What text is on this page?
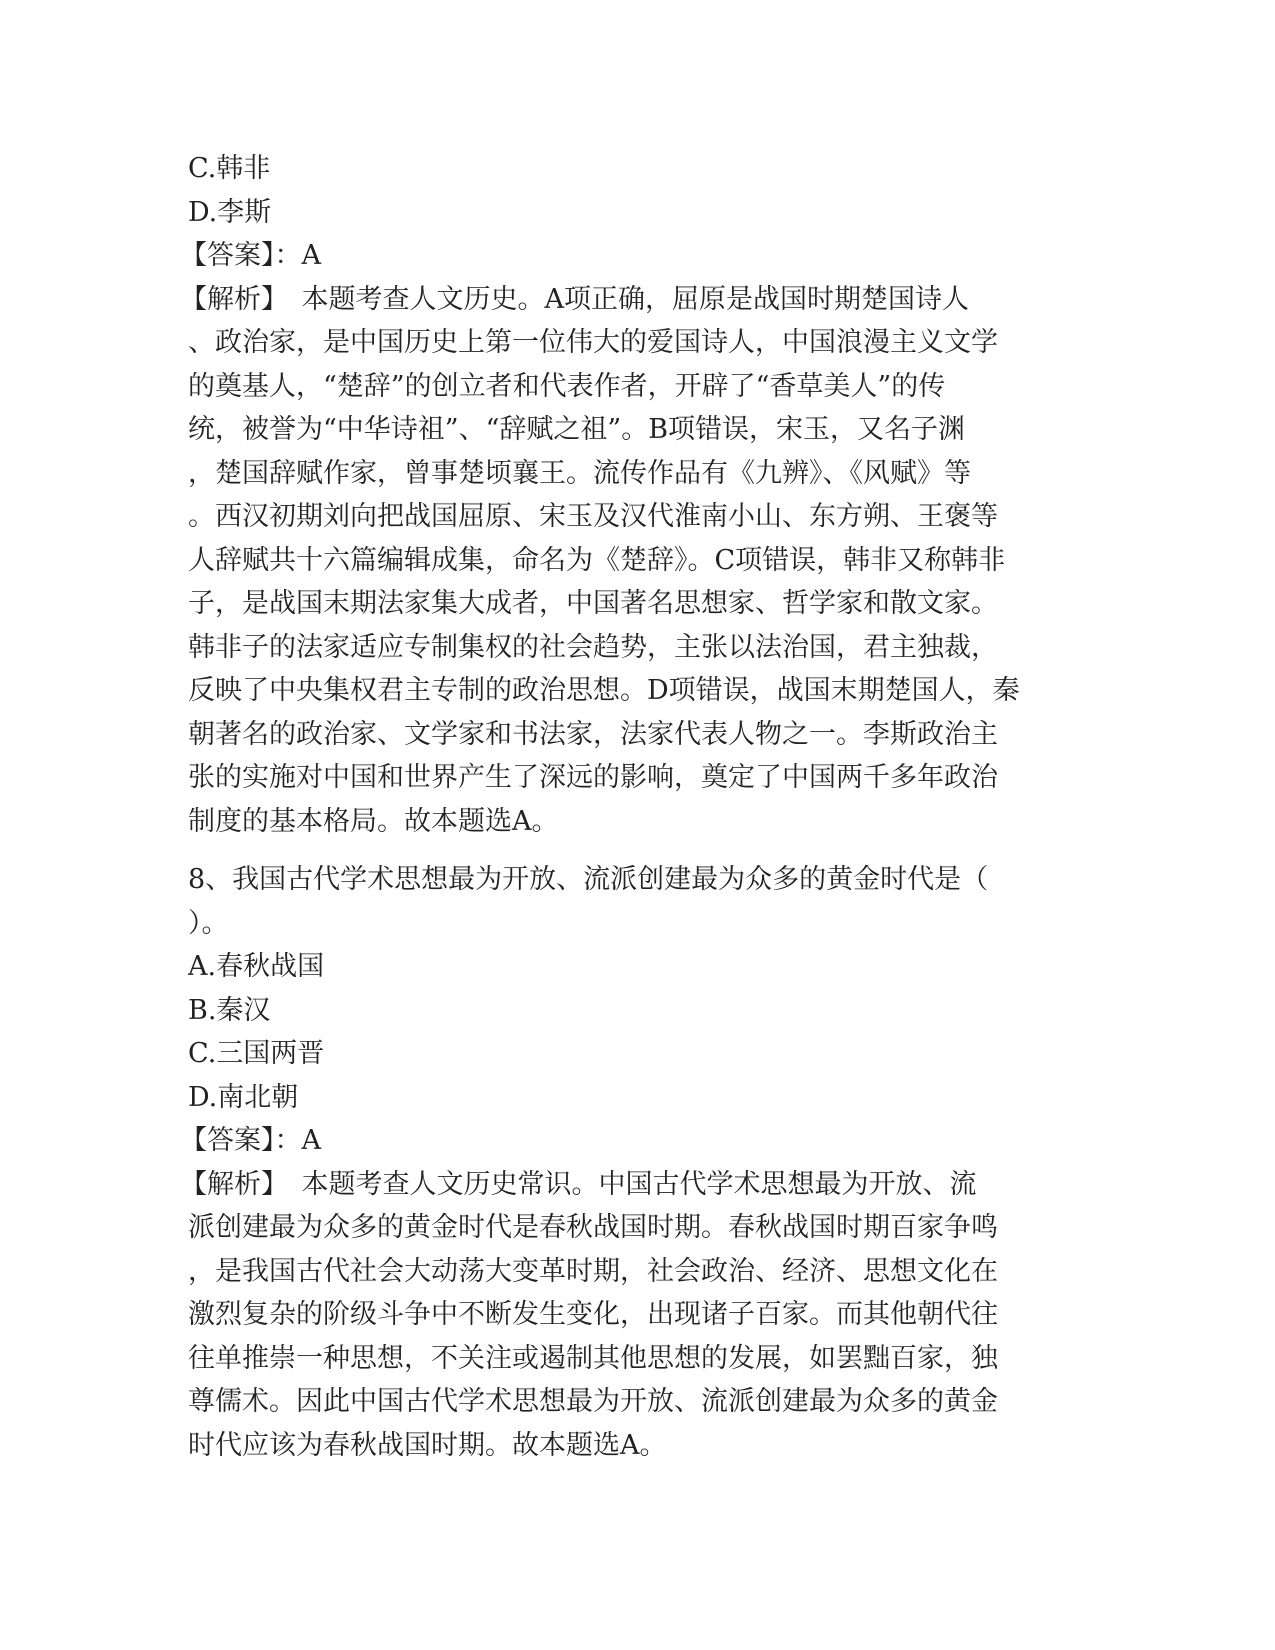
C.韩非
D.李斯
【答案】：A
【解析】　本题考查人文历史。A项正确，屈原是战国时期楚国诗人
、政治家，是中国历史上第一位伟大的爱国诗人，中国浪漫主义文学
的奠基人，“楚辞”的创立者和代表作者，开辟了“香草美人”的传
统，被誉为“中华诗祖”、“辞赋之祖”。B项错误，宋玉，又名子渊
，楚国辞赋作家，曾事楚顷襄王。流传作品有《九辨》、《风赋》等
。西汉初期刘向把战国屈原、宋玉及汉代淮南小山、东方朔、王褒等
人辞赋共十六篇编辑成集，命名为《楚辞》。C项错误，韩非又称韩非
子，是战国末期法家集大成者，中国著名思想家、哲学家和散文家。
韩非子的法家适应专制集权的社会趋势，主张以法治国，君主独裁，
反映了中央集权君主专制的政治思想。D项错误，战国末期楚国人，秦
朝著名的政治家、文学家和书法家，法家代表人物之一。李斯政治主
张的实施对中国和世界产生了深远的影响，奠定了中国两千多年政治
制度的基本格局。故本题选A。
8、我国古代学术思想最为开放、流派创建最为众多的黄金时代是（
）。
A.春秋战国
B.秦汉
C.三国两晋
D.南北朝
【答案】：A
【解析】　本题考查人文历史常识。中国古代学术思想最为开放、流
派创建最为众多的黄金时代是春秋战国时期。春秋战国时期百家争鸣
，是我国古代社会大动荡大变革时期，社会政治、经济、思想文化在
激烈复杂的阶级斗争中不断发生变化，出现诸子百家。而其他朝代往
往单推崇一种思想，不关注或遏制其他思想的发展，如罢黜百家，独
尊儒术。因此中国古代学术思想最为开放、流派创建最为众多的黄金
时代应该为春秋战国时期。故本题选A。
